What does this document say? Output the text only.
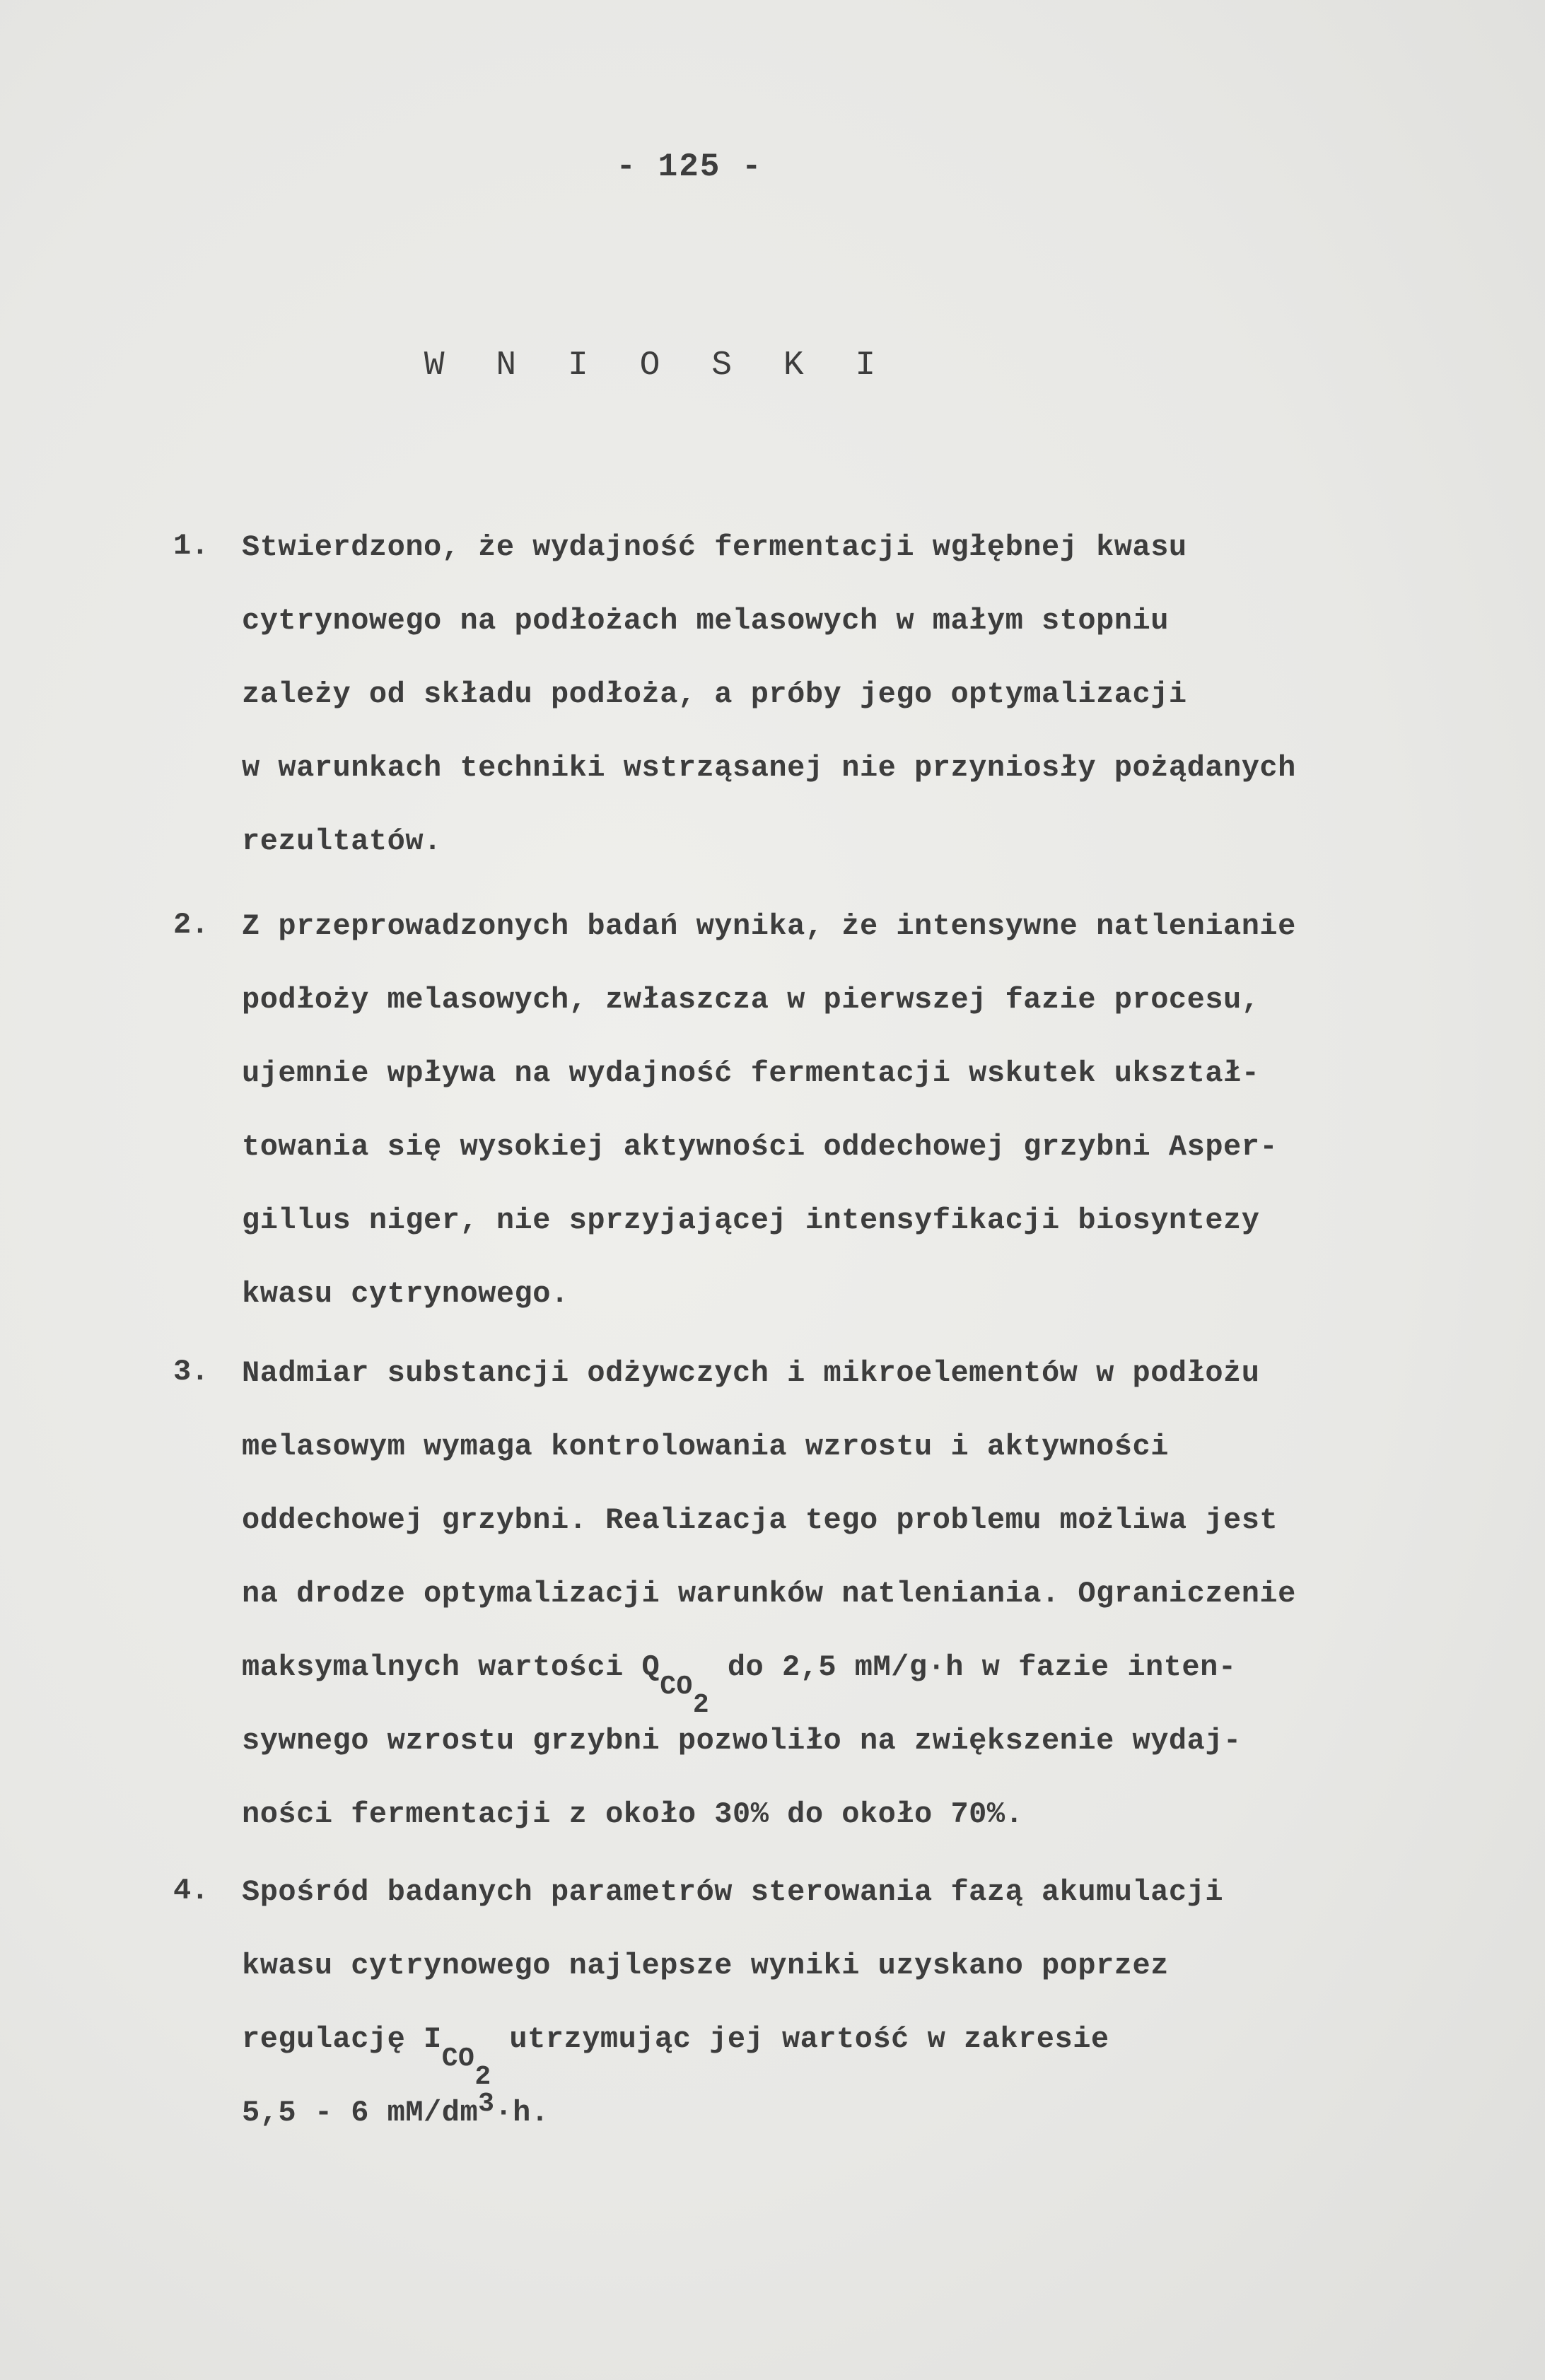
- 125 -
W N I O S K I
1. Stwierdzono, że wydajność fermentacji wgłębnej kwasu
cytrynowego na podłożach melasowych w małym stopniu
zależy od składu podłoża, a próby jego optymalizacji
w warunkach techniki wstrząsanej nie przyniosły pożądanych
rezultatów.
2. Z przeprowadzonych badań wynika, że intensywne natlenianie
podłoży melasowych, zwłaszcza w pierwszej fazie procesu,
ujemnie wpływa na wydajność fermentacji wskutek ukształ-
towania się wysokiej aktywności oddechowej grzybni Asper-
gillus niger, nie sprzyjającej intensyfikacji biosyntezy
kwasu cytrynowego.
3. Nadmiar substancji odżywczych i mikroelementów w podłożu
melasowym wymaga kontrolowania wzrostu i aktywności
oddechowej grzybni. Realizacja tego problemu możliwa jest
na drodze optymalizacji warunków natleniania. Ograniczenie
maksymalnych wartości $Q_{CO_2}$ do 2,5 mM/g·h w fazie inten-
sywnego wzrostu grzybni pozwoliło na zwiększenie wydaj-
ności fermentacji z około 30% do około 70%.
4. Spośród badanych parametrów sterowania fazą akumulacji
kwasu cytrynowego najlepsze wyniki uzyskano poprzez
regulację $I_{CO_2}$ utrzymując jej wartość w zakresie
5,5 - 6 $mM/dm^3\cdot h$.
